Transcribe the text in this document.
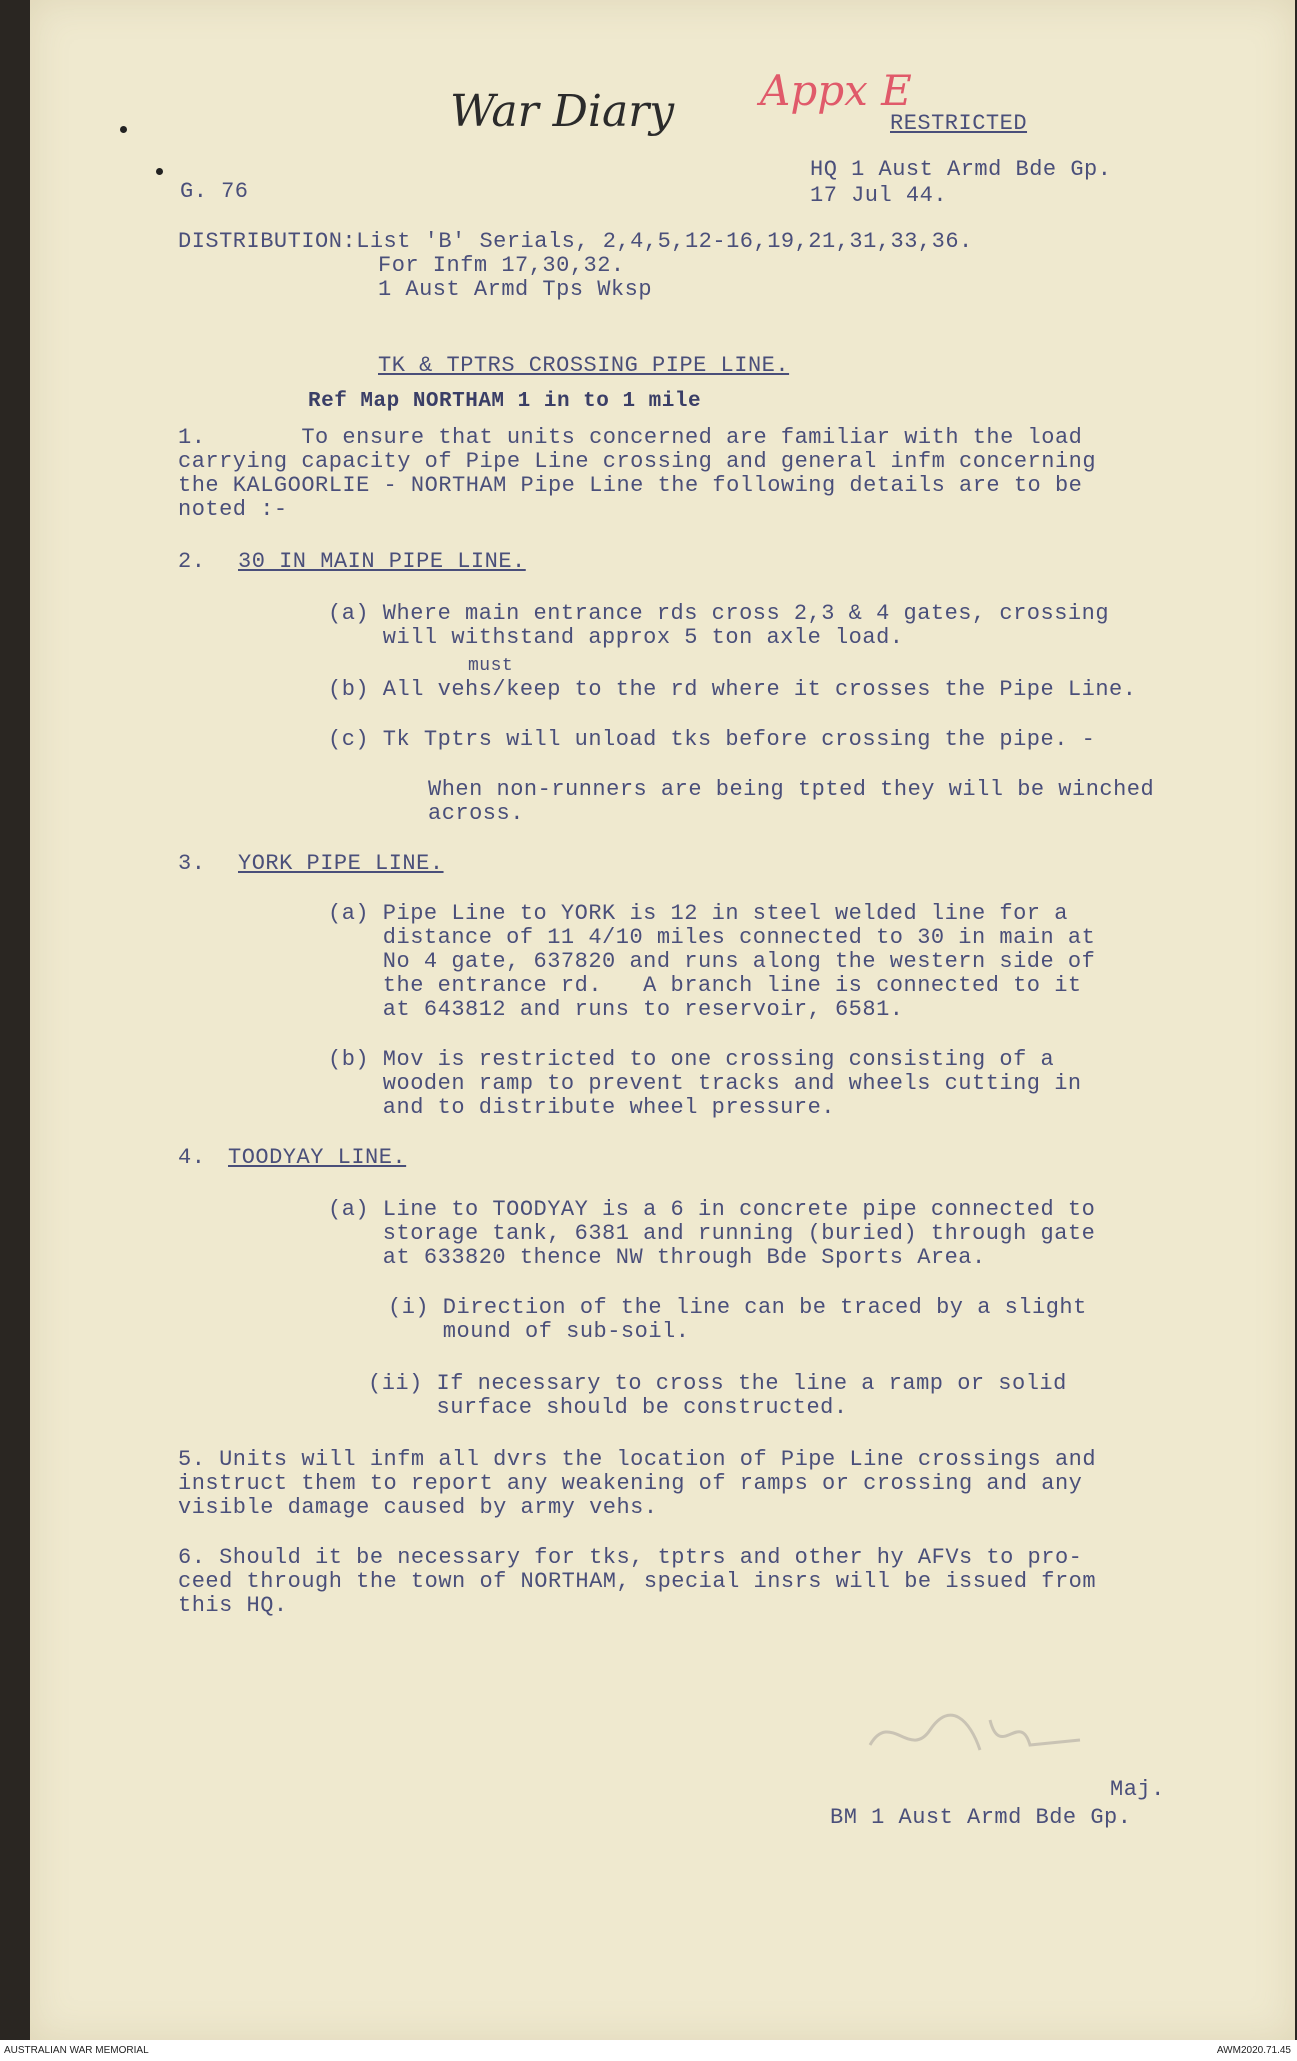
War Diary Appx E
RESTRICTED
HQ 1 Aust Armd Bde Gp.
17 Jul 44.
G. 76
DISTRIBUTION:List 'B' Serials, 2,4,5,12-16,19,21,31,33,36.
For Infm 17,30,32.
1 Aust Armd Tps Wksp
TK & TPTRS CROSSING PIPE LINE.
Ref Map NORTHAM 1 in to 1 mile
1.       To ensure that units concerned are familiar with the load
carrying capacity of Pipe Line crossing and general infm concerning
the KALGOORLIE - NORTHAM Pipe Line the following details are to be
noted :-
2. 30 IN MAIN PIPE LINE.
(a) Where main entrance rds cross 2,3 & 4 gates, crossing
will withstand approx 5 ton axle load.
must
(b) All vehs/keep to the rd where it crosses the Pipe Line.
(c) Tk Tptrs will unload tks before crossing the pipe. -
When non-runners are being tpted they will be winched
across.
3. YORK PIPE LINE.
(a) Pipe Line to YORK is 12 in steel welded line for a
distance of 11 4/10 miles connected to 30 in main at
No 4 gate, 637820 and runs along the western side of
the entrance rd.   A branch line is connected to it
at 643812 and runs to reservoir, 6581.
(b) Mov is restricted to one crossing consisting of a
wooden ramp to prevent tracks and wheels cutting in
and to distribute wheel pressure.
4. TOODYAY LINE.
(a) Line to TOODYAY is a 6 in concrete pipe connected to
storage tank, 6381 and running (buried) through gate
at 633820 thence NW through Bde Sports Area.
(i) Direction of the line can be traced by a slight
mound of sub-soil.
(ii) If necessary to cross the line a ramp or solid
surface should be constructed.
5. Units will infm all dvrs the location of Pipe Line crossings and
instruct them to report any weakening of ramps or crossing and any
visible damage caused by army vehs.
6. Should it be necessary for tks, tptrs and other hy AFVs to pro-
ceed through the town of NORTHAM, special insrs will be issued from
this HQ.
Maj.
BM 1 Aust Armd Bde Gp.
AUSTRALIAN WAR MEMORIAL	AWM2020.71.45
